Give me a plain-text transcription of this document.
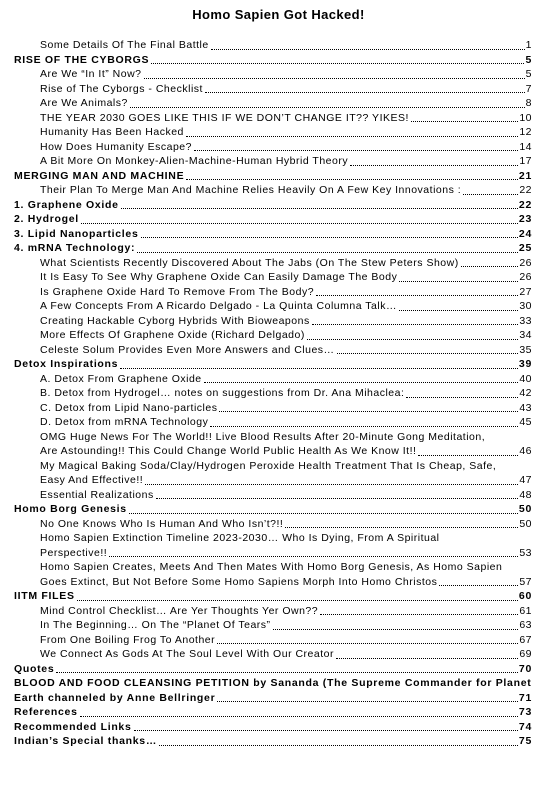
Homo Sapien Got Hacked!
Some Details Of The Final Battle	1
RISE OF THE CYBORGS	5
Are We “In It” Now?	5
Rise of The Cyborgs - Checklist	7
Are We Animals?	8
THE YEAR 2030 GOES LIKE THIS IF WE DON’T CHANGE IT?? YIKES!	10
Humanity Has Been Hacked	12
How Does Humanity Escape?	14
A Bit More On Monkey-Alien-Machine-Human Hybrid Theory	17
MERGING MAN AND MACHINE	21
Their Plan To Merge Man And Machine Relies Heavily On A Few Key Innovations :	22
1. Graphene Oxide	22
2. Hydrogel	23
3. Lipid Nanoparticles	24
4. mRNA Technology:	25
What Scientists Recently Discovered About The Jabs (On The Stew Peters Show)	26
It Is Easy To See Why Graphene Oxide Can Easily Damage The Body	26
Is Graphene Oxide Hard To Remove From The Body?	27
A Few Concepts From A Ricardo Delgado - La Quinta Columna Talk…	30
Creating Hackable Cyborg Hybrids With Bioweapons	33
More Effects Of Graphene Oxide (Richard Delgado)	34
Celeste Solum Provides Even More Answers and Clues…	35
Detox Inspirations	39
A. Detox From Graphene Oxide	40
B. Detox from Hydrogel… notes on suggestions from Dr. Ana Mihaclea:	42
C. Detox from Lipid Nano-particles	43
D. Detox from mRNA Technology	45
OMG Huge News For The World!! Live Blood Results After 20-Minute Gong Meditation,
Are Astounding!! This Could Change World Public Health As We Know It!!	46
My Magical Baking Soda/Clay/Hydrogen Peroxide Health Treatment That Is Cheap, Safe,
Easy And Effective!!	47
Essential Realizations	48
Homo Borg Genesis	50
No One Knows Who Is Human And Who Isn’t?!!	50
Homo Sapien Extinction Timeline 2023-2030… Who Is Dying, From A Spiritual
Perspective!!	53
Homo Sapien Creates, Meets And Then Mates With Homo Borg Genesis, As Homo Sapien
Goes Extinct, But Not Before Some Homo Sapiens Morph Into Homo Christos	57
IITM FILES	60
Mind Control Checklist… Are Yer Thoughts Yer Own??	61
In The Beginning… On The “Planet Of Tears”	63
From One Boiling Frog To Another	67
We Connect As Gods At The Soul Level With Our Creator	69
Quotes	70
BLOOD AND FOOD CLEANSING PETITION by Sananda (The Supreme Commander for Planet
Earth channeled by Anne Bellringer	71
References	73
Recommended Links	74
Indian’s Special thanks…	75
